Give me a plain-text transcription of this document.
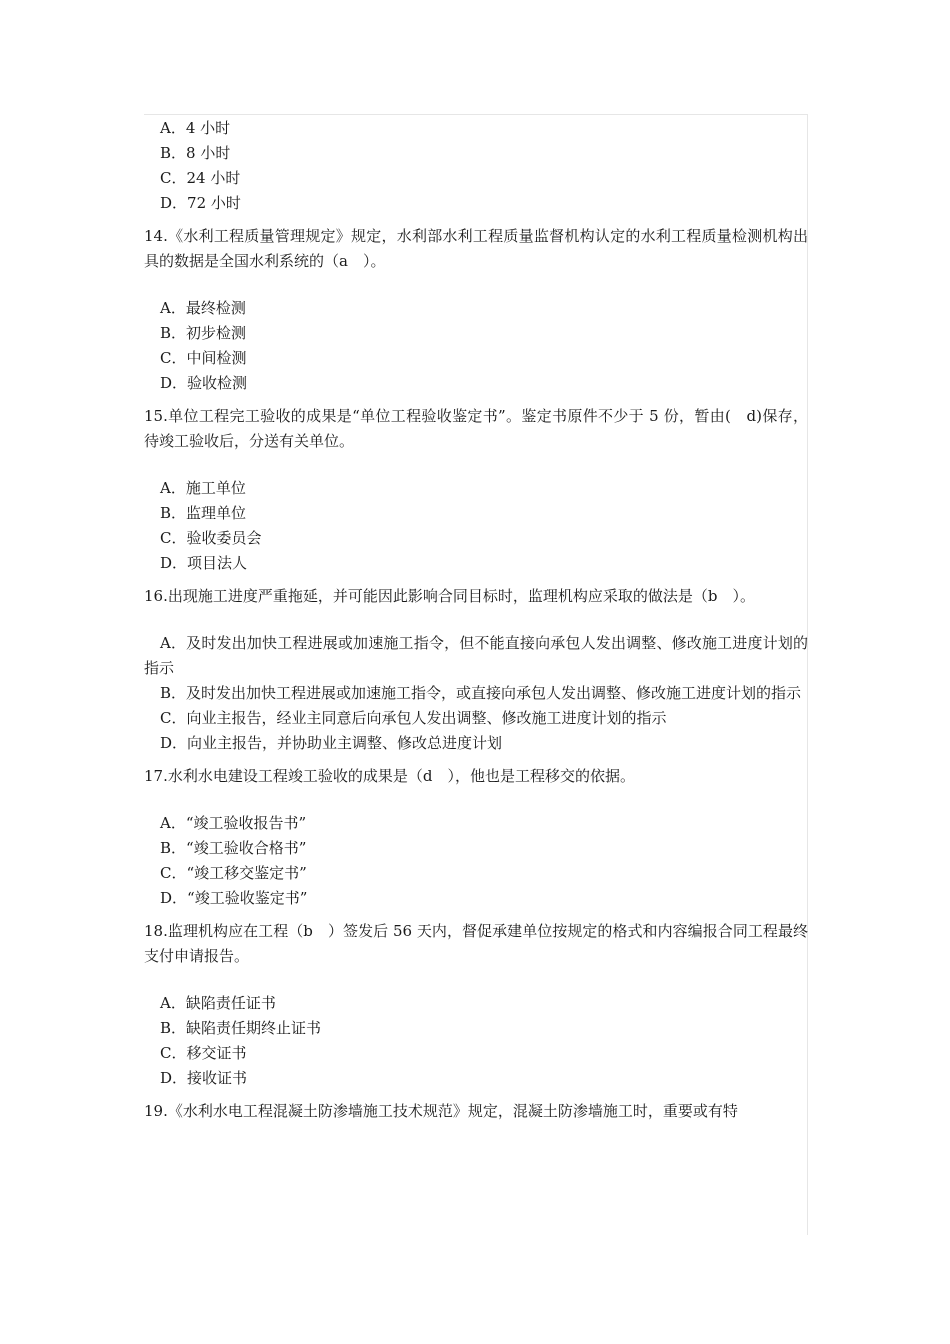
A．4 小时
B．8 小时
C．24 小时
D．72 小时
14.《水利工程质量管理规定》规定，水利部水利工程质量监督机构认定的水利工程质量检测机构出具的数据是全国水利系统的（a　）。
A．最终检测
B．初步检测
C．中间检测
D．验收检测
15.单位工程完工验收的成果是“单位工程验收鉴定书”。鉴定书原件不少于 5 份，暂由(　d)保存，待竣工验收后，分送有关单位。
A．施工单位
B．监理单位
C．验收委员会
D．项目法人
16.出现施工进度严重拖延，并可能因此影响合同目标时，监理机构应采取的做法是（b　）。
A．及时发出加快工程进展或加速施工指令，但不能直接向承包人发出调整、修改施工进度计划的指示
B．及时发出加快工程进展或加速施工指令，或直接向承包人发出调整、修改施工进度计划的指示
C．向业主报告，经业主同意后向承包人发出调整、修改施工进度计划的指示
D．向业主报告，并协助业主调整、修改总进度计划
17.水利水电建设工程竣工验收的成果是（d　），他也是工程移交的依据。
A．“竣工验收报告书”
B．“竣工验收合格书”
C．“竣工移交鉴定书”
D．“竣工验收鉴定书”
18.监理机构应在工程（b　）签发后 56 天内，督促承建单位按规定的格式和内容编报合同工程最终支付申请报告。
A．缺陷责任证书
B．缺陷责任期终止证书
C．移交证书
D．接收证书
19.《水利水电工程混凝土防渗墙施工技术规范》规定，混凝土防渗墙施工时，重要或有特
